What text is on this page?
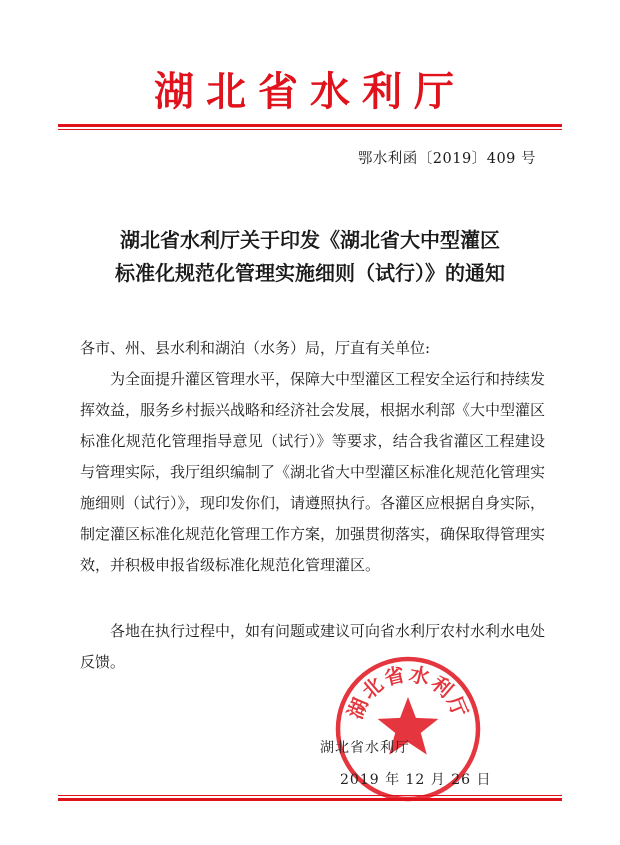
湖北省水利厅
鄂水利函〔2019〕409 号
湖北省水利厅关于印发《湖北省大中型灌区
标准化规范化管理实施细则（试行）》的通知

各市、州、县水利和湖泊（水务）局，厅直有关单位:

为全面提升灌区管理水平，保障大中型灌区工程安全运行和持续发挥效益，服务乡村振兴战略和经济社会发展，根据水利部《大中型灌区标准化规范化管理指导意见（试行）》等要求，结合我省灌区工程建设与管理实际，我厅组织编制了《湖北省大中型灌区标准化规范化管理实施细则（试行）》，现印发你们，请遵照执行。各灌区应根据自身实际，制定灌区标准化规范化管理工作方案，加强贯彻落实，确保取得管理实效，并积极申报省级标准化规范化管理灌区。

各地在执行过程中，如有问题或建议可向省水利厅农村水利水电处反馈。

湖北省水利厅
湖北省水利厅
2019 年 12 月 26 日
